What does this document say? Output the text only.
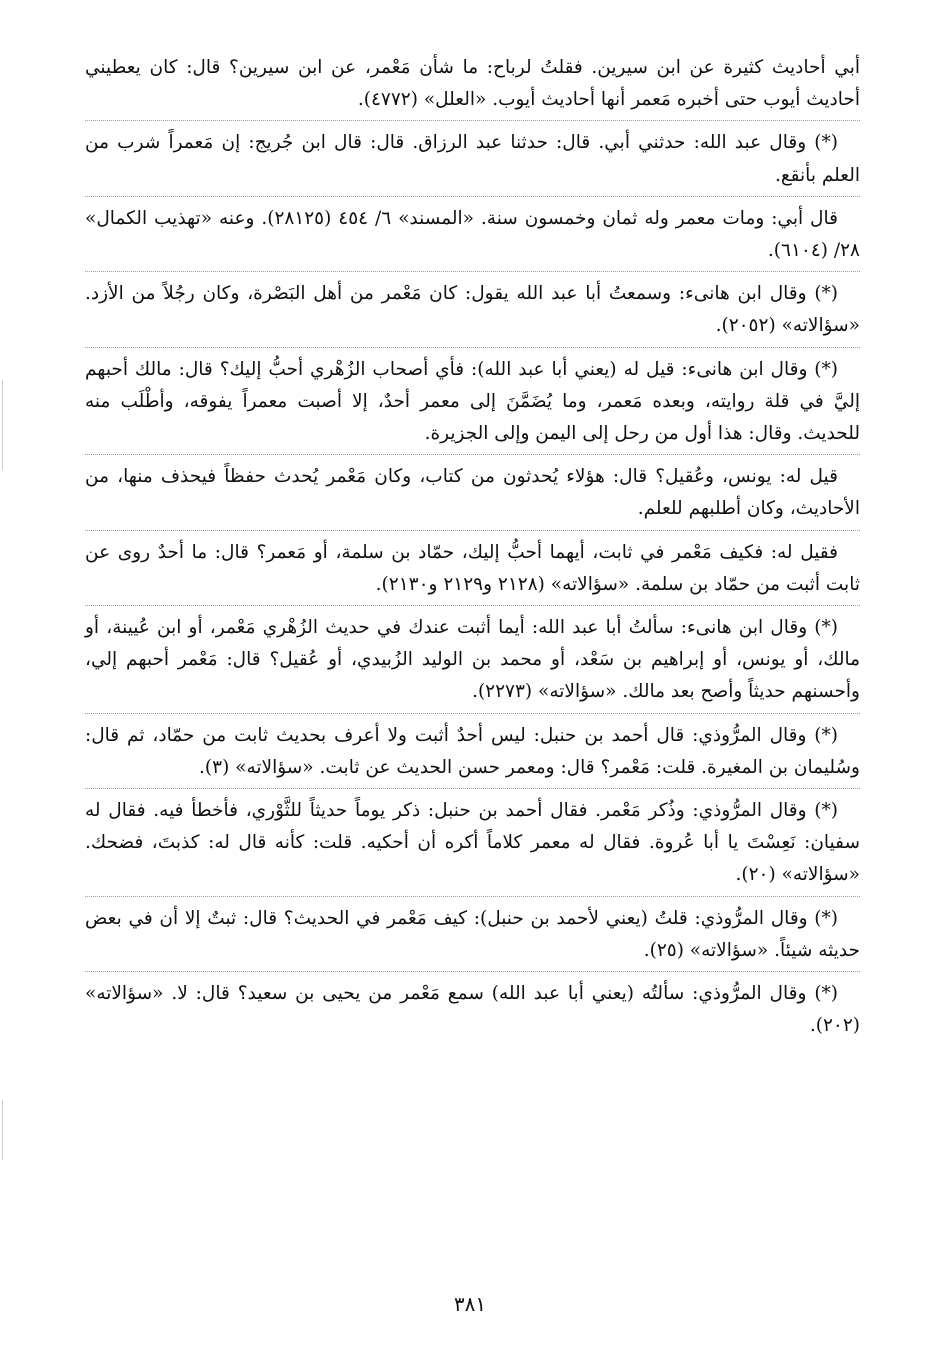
أبي أحاديث كثيرة عن ابن سيرين. فقلتُ لرباح: ما شأن مَعْمر، عن ابن سيرين؟ قال: كان يعطيني أحاديث أيوب حتى أخبره مَعمر أنها أحاديث أيوب. «العلل» (٤٧٧٢).

(*) وقال عبد الله: حدثني أبي. قال: حدثنا عبد الرزاق. قال: قال ابن جُريج: إن مَعمراً شرب من العلم بأنقع.

قال أبي: ومات معمر وله ثمان وخمسون سنة. «المسند» ٦/ ٤٥٤ (٢٨١٢٥). وعنه «تهذيب الكمال» ٢٨/ (٦١٠٤).

(*) وقال ابن هانىء: وسمعتُ أبا عبد الله يقول: كان مَعْمر من أهل البَصْرة، وكان رجُلاً من الأزد. «سؤالاته» (٢٠٥٢).

(*) وقال ابن هانىء: قيل له (يعني أبا عبد الله): فأي أصحاب الزُهْري أحبُّ إليك؟ قال: مالك أحبهم إليَّ في قلة روايته، وبعده مَعمر، وما يُضَمَّنَ إلى معمر أحدٌ، إلا أصبت معمراً يفوقه، وأطْلَب منه للحديث. وقال: هذا أول من رحل إلى اليمن وإلى الجزيرة.

قيل له: يونس، وعُقيل؟ قال: هؤلاء يُحدثون من كتاب، وكان مَعْمر يُحدث حفظاً فيحذف منها، من الأحاديث، وكان أطلبهم للعلم.

فقيل له: فكيف مَعْمر في ثابت، أيهما أحبُّ إليك، حمّاد بن سلمة، أو مَعمر؟ قال: ما أحدٌ روى عن ثابت أثبت من حمّاد بن سلمة. «سؤالاته» (٢١٢٨ و٢١٢٩ و٢١٣٠).

(*) وقال ابن هانىء: سألتُ أبا عبد الله: أيما أثبت عندك في حديث الزُهْري مَعْمر، أو ابن عُيينة، أو مالك، أو يونس، أو إبراهيم بن سَعْد، أو محمد بن الوليد الزُبيدي، أو عُقيل؟ قال: مَعْمر أحبهم إلي، وأحسنهم حديثاً وأصح بعد مالك. «سؤالاته» (٢٢٧٣).

(*) وقال المرُّوذي: قال أحمد بن حنبل: ليس أحدٌ أثبت ولا أعرف بحديث ثابت من حمّاد، ثم قال: وسُليمان بن المغيرة. قلت: مَعْمر؟ قال: ومعمر حسن الحديث عن ثابت. «سؤالاته» (٣).

(*) وقال المرُّوذي: وذُكر مَعْمر. فقال أحمد بن حنبل: ذكر يوماً حديثاً للثَّوْري، فأخطأ فيه. فقال له سفيان: نَعِسْتَ يا أبا عُروة. فقال له معمر كلاماً أكره أن أحكيه. قلت: كأنه قال له: كذبتَ، فضحك. «سؤالاته» (٢٠).

(*) وقال المرُّوذي: قلتُ (يعني لأحمد بن حنبل): كيف مَعْمر في الحديث؟ قال: ثبتٌ إلا أن في بعض حديثه شيئاً. «سؤالاته» (٢٥).

(*) وقال المرُّوذي: سألتُه (يعني أبا عبد الله) سمع مَعْمر من يحيى بن سعيد؟ قال: لا. «سؤالاته» (٢٠٢).

٣٨١
